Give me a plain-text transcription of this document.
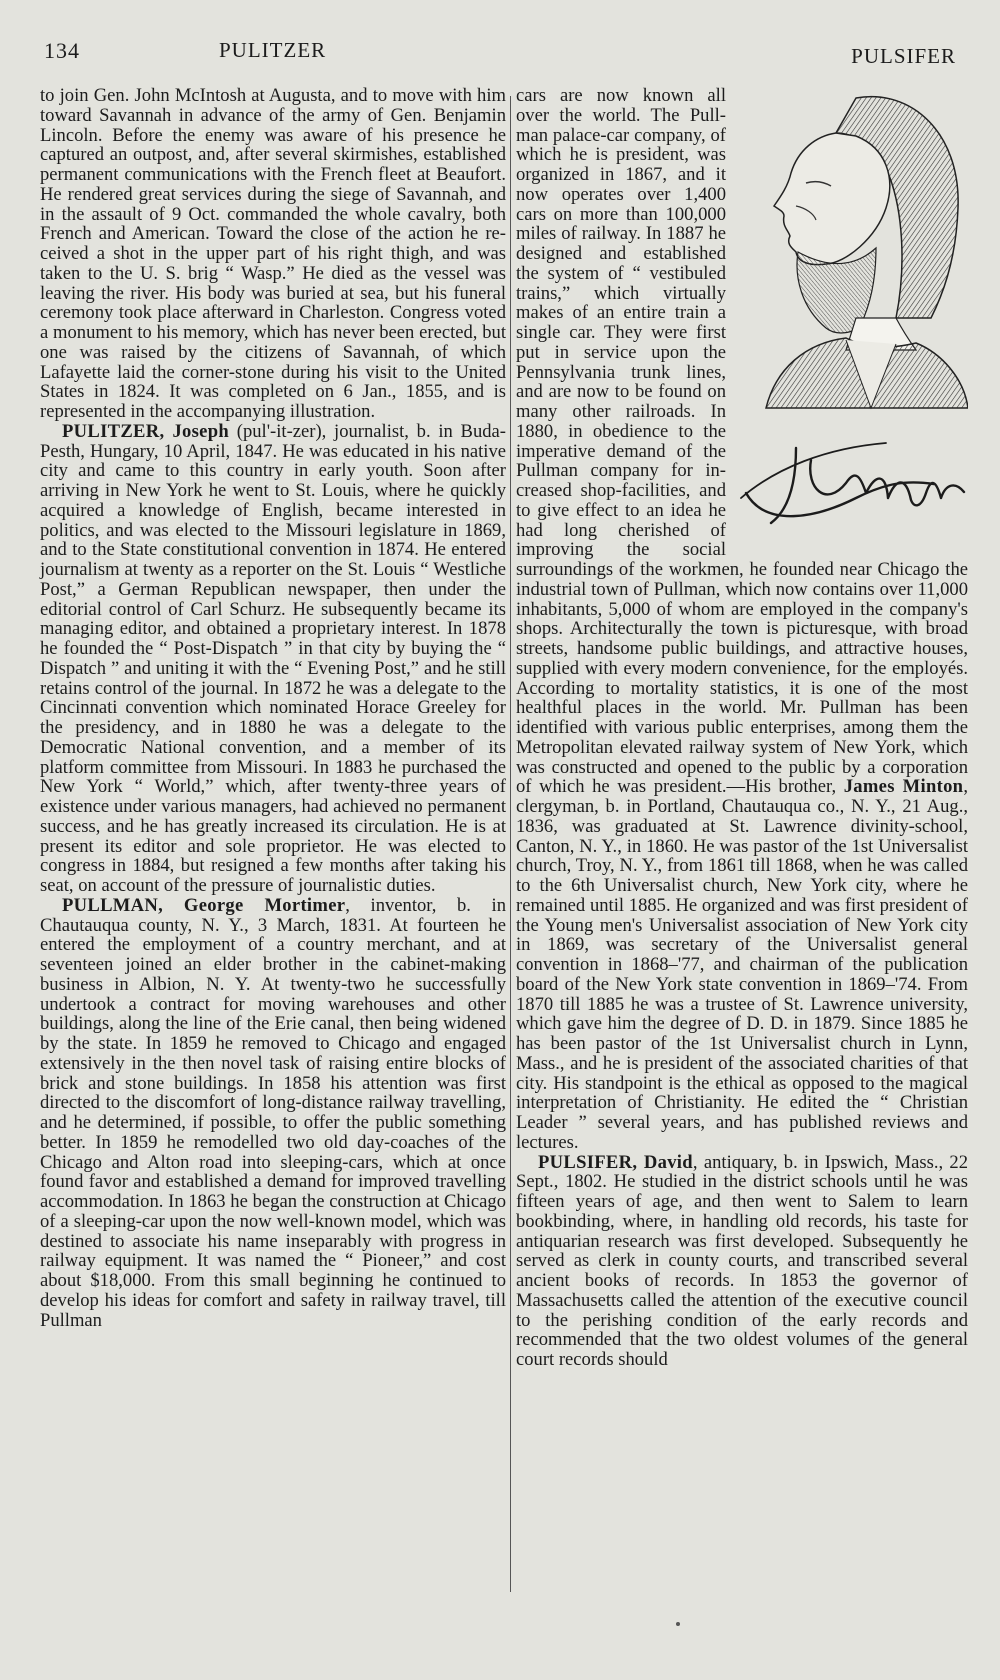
134	PULITZER	PULSIFER

to join Gen. John McIntosh at Augusta, and to move with him toward Savannah in advance of the army of Gen. Benjamin Lincoln. Before the enemy was aware of his presence he captured an outpost, and, after several skirmishes, established permanent communications with the French fleet at Beaufort. He rendered great services during the siege of Savannah, and in the assault of 9 Oct. commanded the whole cavalry, both French and American. Toward the close of the action he received a shot in the upper part of his right thigh, and was taken to the U. S. brig “ Wasp.” He died as the vessel was leaving the river. His body was buried at sea, but his funeral ceremony took place afterward in Charleston. Congress voted a monument to his memory, which has never been erected, but one was raised by the citizens of Savannah, of which Lafayette laid the corner-stone during his visit to the United States in 1824. It was completed on 6 Jan., 1855, and is represented in the accompanying illustration.

PULITZER, Joseph (pul'-it-zer), journalist, b. in Buda-Pesth, Hungary, 10 April, 1847. He was educated in his native city and came to this country in early youth. Soon after arriving in New York he went to St. Louis, where he quickly acquired a knowledge of English, became interested in politics, and was elected to the Missouri legislature in 1869, and to the State constitutional convention in 1874. He entered journalism at twenty as a reporter on the St. Louis “ Westliche Post,” a German Republican newspaper, then under the editorial control of Carl Schurz. He subsequently became its managing editor, and obtained a proprietary interest. In 1878 he founded the “ Post-Dispatch ” in that city by buying the “ Dispatch ” and uniting it with the “ Evening Post,” and he still retains control of the journal. In 1872 he was a delegate to the Cincinnati convention which nominated Horace Greeley for the presidency, and in 1880 he was a delegate to the Democratic National convention, and a member of its platform committee from Missouri. In 1883 he purchased the New York “ World,” which, after twenty-three years of existence under various managers, had achieved no permanent success, and he has greatly increased its circulation. He is at present its editor and sole proprietor. He was elected to congress in 1884, but resigned a few months after taking his seat, on account of the pressure of journalistic duties.

PULLMAN, George Mortimer, inventor, b. in Chautauqua county, N. Y., 3 March, 1831. At fourteen he entered the employment of a country merchant, and at seventeen joined an elder brother in the cabinet-making business in Albion, N. Y. At twenty-two he successfully undertook a contract for moving warehouses and other buildings, along the line of the Erie canal, then being widened by the state. In 1859 he removed to Chicago and engaged extensively in the then novel task of raising entire blocks of brick and stone buildings. In 1858 his attention was first directed to the discomfort of long-distance railway travelling, and he determined, if possible, to offer the public something better. In 1859 he remodelled two old day-coaches of the Chicago and Alton road into sleeping-cars, which at once found favor and established a demand for improved travelling accommodation. In 1863 he began the construction at Chicago of a sleeping-car upon the now well-known model, which was destined to associate his name inseparably with progress in railway equipment. It was named the “ Pioneer,” and cost about $18,000. From this small beginning he continued to develop his ideas for comfort and safety in railway travel, till Pullman

cars are now known all over the world. The Pullman palace-car company, of which he is president, was organized in 1867, and it now operates over 1,400 cars on more than 100,000 miles of railway. In 1887 he designed and established the system of “ vestibuled trains,” which virtually makes of an entire train a single car. They were first put in service upon the Pennsylvania trunk lines, and are now to be found on many other railroads. In 1880, in obedience to the imperative demand of the Pullman company for increased shop-facilities, and to give effect to an idea he had long cherished of improving the social surroundings of the workmen, he founded near Chicago the industrial town of Pullman, which now contains over 11,000 inhabitants, 5,000 of whom are employed in the company's shops. Architecturally the town is picturesque, with broad streets, handsome public buildings, and attractive houses, supplied with every modern convenience, for the employés. According to mortality statistics, it is one of the most healthful places in the world. Mr. Pullman has been identified with various public enterprises, among them the Metropolitan elevated railway system of New York, which was constructed and opened to the public by a corporation of which he was president.—His brother, James Minton, clergyman, b. in Portland, Chautauqua co., N. Y., 21 Aug., 1836, was graduated at St. Lawrence divinity-school, Canton, N. Y., in 1860. He was pastor of the 1st Universalist church, Troy, N. Y., from 1861 till 1868, when he was called to the 6th Universalist church, New York city, where he remained until 1885. He organized and was first president of the Young men's Universalist association of New York city in 1869, was secretary of the Universalist general convention in 1868–'77, and chairman of the publication board of the New York state convention in 1869–'74. From 1870 till 1885 he was a trustee of St. Lawrence university, which gave him the degree of D. D. in 1879. Since 1885 he has been pastor of the 1st Universalist church in Lynn, Mass., and he is president of the associated charities of that city. His standpoint is the ethical as opposed to the magical interpretation of Christianity. He edited the “ Christian Leader ” several years, and has published reviews and lectures.

PULSIFER, David, antiquary, b. in Ipswich, Mass., 22 Sept., 1802. He studied in the district schools until he was fifteen years of age, and then went to Salem to learn bookbinding, where, in handling old records, his taste for antiquarian research was first developed. Subsequently he served as clerk in county courts, and transcribed several ancient books of records. In 1853 the governor of Massachusetts called the attention of the executive council to the perishing condition of the early records and recommended that the two oldest volumes of the general court records should
